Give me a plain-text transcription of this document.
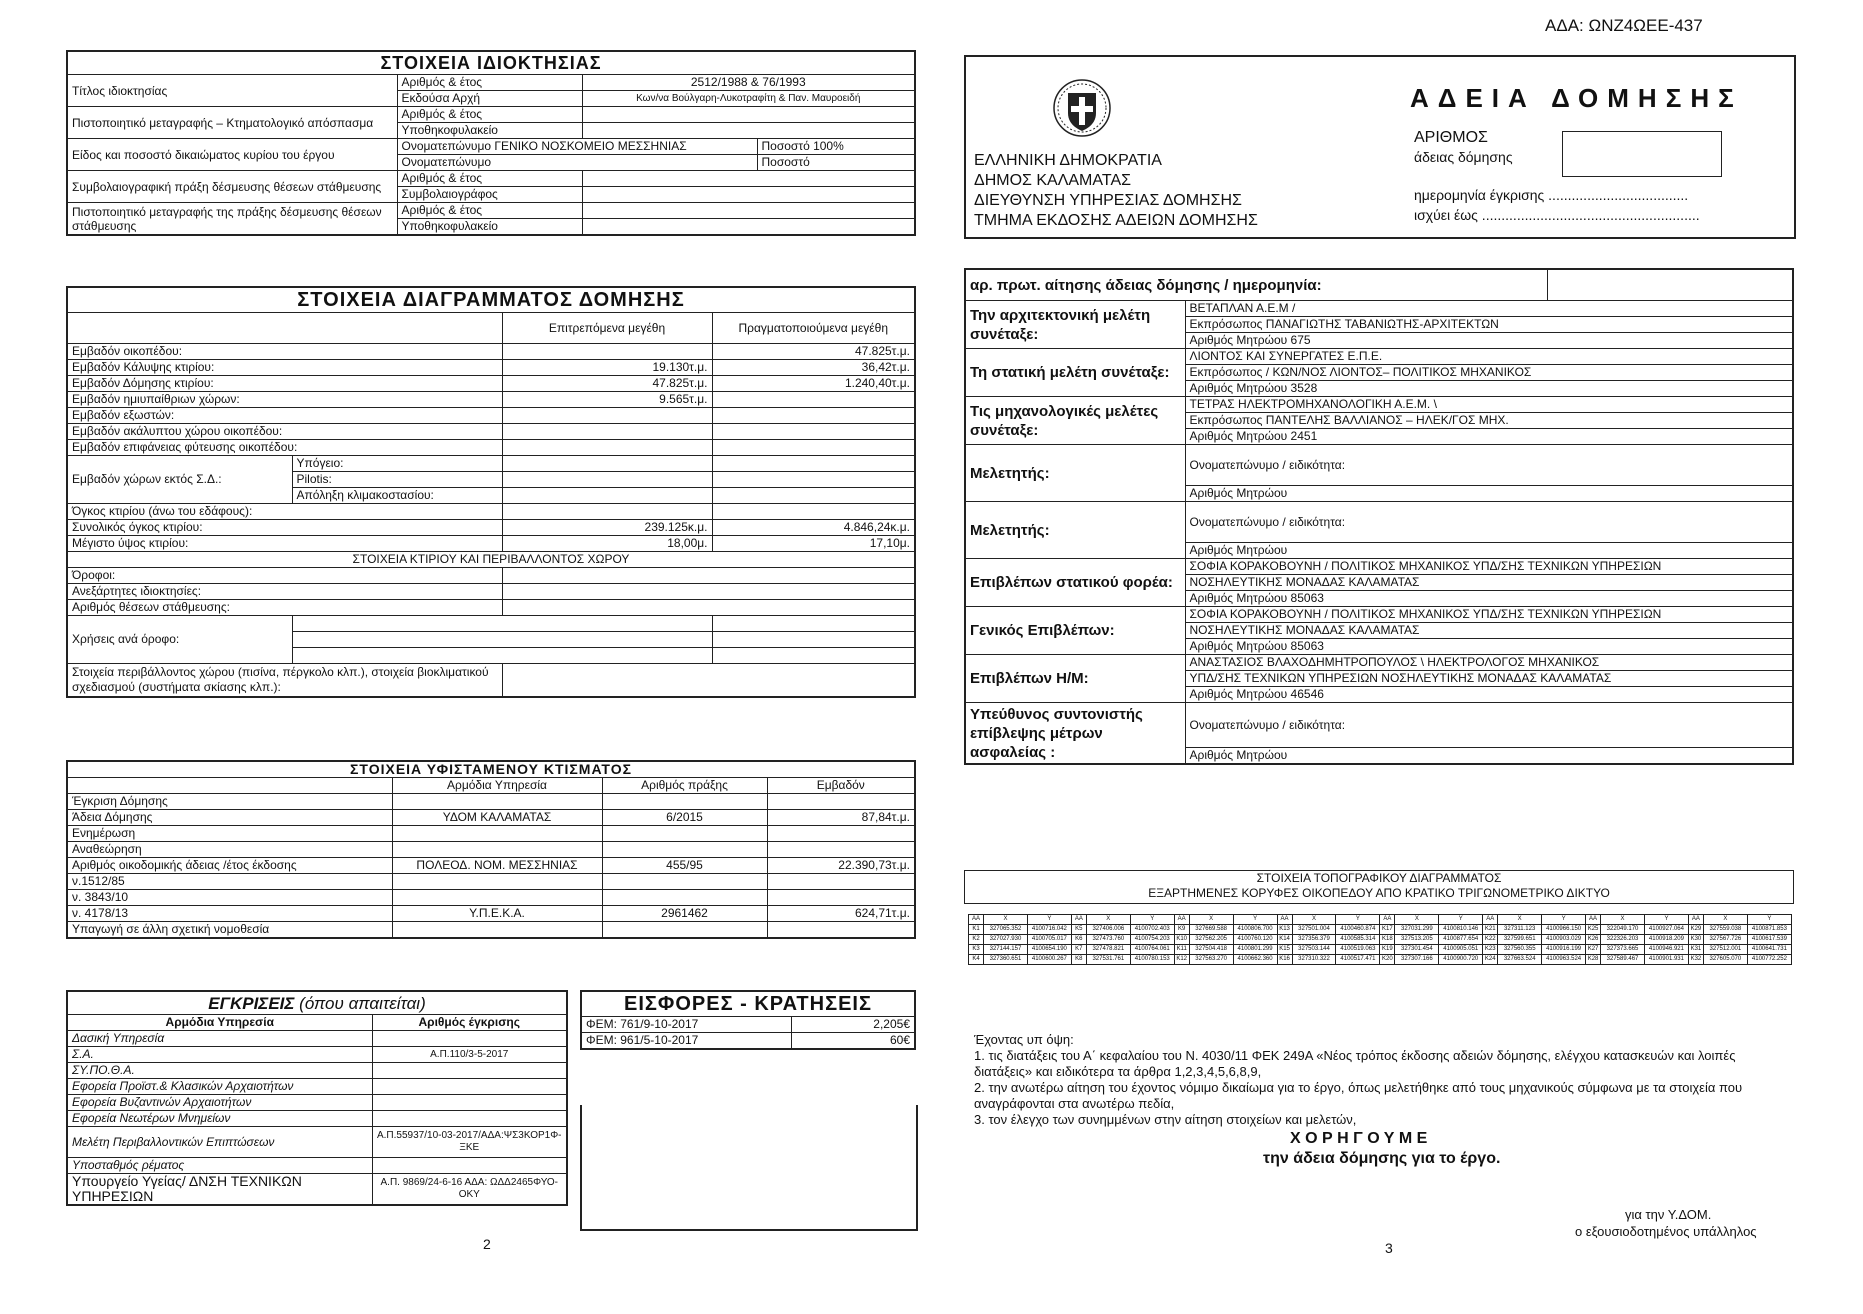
ΑΔΑ: ΩΝΖ4ΩΕΕ-437
ΣΤΟΙΧΕΙΑ ΙΔΙΟΚΤΗΣΙΑΣ			
Τίτλος ιδιοκτησίας	Αριθμός & έτος	2512/1988 & 76/1993	
	Εκδούσα Αρχή	Κων/να Βούλγαρη-Λυκοτραφίτη & Παν. Μαυροειδή	
Πιστοποιητικό μεταγραφής – Κτηματολογικό απόσπασμα	Αριθμός & έτος		
	Υποθηκοφυλακείο		
Είδος και ποσοστό δικαιώματος κυρίου του έργου	Ονοματεπώνυμο ΓΕΝΙΚΟ ΝΟΣΚΟΜΕΙΟ ΜΕΣΣΗΝΙΑΣ		Ποσοστό 100%
	Ονοματεπώνυμο		Ποσοστό
Συμβολαιογραφική πράξη δέσμευσης θέσεων στάθμευσης	Αριθμός & έτος		
	Συμβολαιογράφος		
Πιστοποιητικό μεταγραφής της πράξης δέσμευσης θέσεων στάθμευσης	Αριθμός & έτος		
	Υποθηκοφυλακείο		
ΣΤΟΙΧΕΙΑ ΔΙΑΓΡΑΜΜΑΤΟΣ ΔΟΜΗΣΗΣ			
		Επιτρεπόμενα μεγέθη	Πραγματοποιούμενα μεγέθη
Εμβαδόν οικοπέδου:			47.825τ.μ.
Εμβαδόν Κάλυψης κτιρίου:		19.130τ.μ.	36,42τ.μ.
Εμβαδόν Δόμησης κτιρίου:		47.825τ.μ.	1.240,40τ.μ.
Εμβαδόν ημιυπαίθριων χώρων:		9.565τ.μ.	
Εμβαδόν εξωστών:			
Εμβαδόν ακάλυπτου χώρου οικοπέδου:			
Εμβαδόν επιφάνειας φύτευσης οικοπέδου:			
Εμβαδόν χώρων εκτός Σ.Δ.:	Υπόγειο:		
	Pilotis:		
	Απόληξη κλιμακοστασίου:		
Όγκος κτιρίου (άνω του εδάφους):			
Συνολικός όγκος κτιρίου:		239.125κ.μ.	4.846,24κ.μ.
Μέγιστο ύψος κτιρίου:		18,00μ.	17,10μ.
ΣΤΟΙΧΕΙΑ ΚΤΙΡΙΟΥ ΚΑΙ ΠΕΡΙΒΑΛΛΟΝΤΟΣ ΧΩΡΟΥ			
Όροφοι:			
Ανεξάρτητες ιδιοκτησίες:			
Αριθμός θέσεων στάθμευσης:			
Χρήσεις ανά όροφο:			

Στοιχεία περιβάλλοντος χώρου (πισίνα, πέργκολο κλπ.), στοιχεία βιοκλιματικού σχεδιασμού (συστήματα σκίασης κλπ.):			
ΣΤΟΙΧΕΙΑ ΥΦΙΣΤΑΜΕΝΟΥ ΚΤΙΣΜΑΤΟΣ			
	Αρμόδια Υπηρεσία	Αριθμός πράξης	Εμβαδόν
Έγκριση Δόμησης			
Άδεια Δόμησης	ΥΔΟΜ ΚΑΛΑΜΑΤΑΣ	6/2015	87,84τ.μ.
Ενημέρωση			
Αναθεώρηση			
Αριθμός οικοδομικής άδειας /έτος έκδοσης	ΠΟΛΕΟΔ. ΝΟΜ. ΜΕΣΣΗΝΙΑΣ	455/95	22.390,73τ.μ.
ν.1512/85			
ν. 3843/10			
ν. 4178/13	Υ.Π.Ε.Κ.Α.	2961462	624,71τ.μ.
Υπαγωγή σε άλλη σχετική νομοθεσία			
ΕΓΚΡΙΣΕΙΣ (όπου απαιτείται)	
Αρμόδια Υπηρεσία	Αριθμός έγκρισης
Δασική Υπηρεσία	
Σ.Α.	Α.Π.110/3-5-2017
ΣΥ.ΠΟ.Θ.Α.	
Εφορεία Προϊστ.& Κλασικών Αρχαιοτήτων	
Εφορεία Βυζαντινών Αρχαιοτήτων	
Εφορεία Νεωτέρων Μνημείων	
Μελέτη Περιβαλλοντικών Επιπτώσεων	Α.Π.55937/10-03-2017/ΑΔΑ:ΨΣ3ΚΟΡ1Φ-ΞΚΕ
Υποσταθμός ρέματος	
Υπουργείο Υγείας/ ΔΝΣΗ ΤΕΧΝΙΚΩΝ ΥΠΗΡΕΣΙΩΝ	Α.Π. 9869/24-6-16 ΑΔΑ: ΩΔΔ2465ΦΥΟ-ΟΚΥ
ΕΙΣΦΟΡΕΣ - ΚΡΑΤΗΣΕΙΣ	
ΦΕΜ: 761/9-10-2017	2,205€
ΦΕΜ: 961/5-10-2017	60€
2
ΕΛΛΗΝΙΚΗ ΔΗΜΟΚΡΑΤΙΑ
ΔΗΜΟΣ ΚΑΛΑΜΑΤΑΣ
ΔΙΕΥΘΥΝΣΗ ΥΠΗΡΕΣΙΑΣ ΔΟΜΗΣΗΣ
ΤΜΗΜΑ ΕΚΔΟΣΗΣ ΑΔΕΙΩΝ ΔΟΜΗΣΗΣ
ΑΔΕΙΑ ΔΟΜΗΣΗΣ
ΑΡΙΘΜΟΣ
άδειας δόμησης
ημερομηνία έγκρισης ....................................
ισχύει έως ........................................................
αρ. πρωτ. αίτησης άδειας δόμησης / ημερομηνία:		
Την αρχιτεκτονική μελέτη συνέταξε:	ΒΕΤΑΠΛΑΝ Α.Ε.Μ /	
	Εκπρόσωπος ΠΑΝΑΓΙΩΤΗΣ ΤΑΒΑΝΙΩΤΗΣ-ΑΡΧΙΤΕΚΤΩΝ	
	Αριθμός Μητρώου 675	
Τη στατική μελέτη συνέταξε:	ΛΙΟΝΤΟΣ ΚΑΙ ΣΥΝΕΡΓΑΤΕΣ Ε.Π.Ε.	
	Εκπρόσωπος / ΚΩΝ/ΝΟΣ ΛΙΟΝΤΟΣ– ΠΟΛΙΤΙΚΟΣ ΜΗΧΑΝΙΚΟΣ	
	Αριθμός Μητρώου 3528	
Τις μηχανολογικές μελέτες συνέταξε:	ΤΕΤΡΑΣ ΗΛΕΚΤΡΟΜΗΧΑΝΟΛΟΓΙΚΗ Α.Ε.Μ. \	
	Εκπρόσωπος ΠΑΝΤΕΛΗΣ ΒΑΛΛΙΑΝΟΣ – ΗΛΕΚ/ΓΟΣ ΜΗΧ.	
	Αριθμός Μητρώου 2451	
Μελετητής:	Ονοματεπώνυμο / ειδικότητα:	
	Αριθμός Μητρώου	
Μελετητής:	Ονοματεπώνυμο / ειδικότητα:	
	Αριθμός Μητρώου	
Επιβλέπων στατικού φορέα:	ΣΟΦΙΑ ΚΟΡΑΚΟΒΟΥΝΗ / ΠΟΛΙΤΙΚΟΣ ΜΗΧΑΝΙΚΟΣ ΥΠΔ/ΣΗΣ ΤΕΧΝΙΚΩΝ ΥΠΗΡΕΣΙΩΝ	
	ΝΟΣΗΛΕΥΤΙΚΗΣ ΜΟΝΑΔΑΣ ΚΑΛΑΜΑΤΑΣ	
	Αριθμός Μητρώου 85063	
Γενικός Επιβλέπων:	ΣΟΦΙΑ ΚΟΡΑΚΟΒΟΥΝΗ / ΠΟΛΙΤΙΚΟΣ ΜΗΧΑΝΙΚΟΣ ΥΠΔ/ΣΗΣ ΤΕΧΝΙΚΩΝ ΥΠΗΡΕΣΙΩΝ	
	ΝΟΣΗΛΕΥΤΙΚΗΣ ΜΟΝΑΔΑΣ ΚΑΛΑΜΑΤΑΣ	
	Αριθμός Μητρώου 85063	
Επιβλέπων Η/Μ:	ΑΝΑΣΤΑΣΙΟΣ ΒΛΑΧΟΔΗΜΗΤΡΟΠΟΥΛΟΣ \ ΗΛΕΚΤΡΟΛΟΓΟΣ ΜΗΧΑΝΙΚΟΣ	
	ΥΠΔ/ΣΗΣ ΤΕΧΝΙΚΩΝ ΥΠΗΡΕΣΙΩΝ ΝΟΣΗΛΕΥΤΙΚΗΣ ΜΟΝΑΔΑΣ ΚΑΛΑΜΑΤΑΣ	
	Αριθμός Μητρώου 46546	
Υπεύθυνος συντονιστής επίβλεψης μέτρων ασφαλείας :	Ονοματεπώνυμο / ειδικότητα:	
	Αριθμός Μητρώου	
ΣΤΟΙΧΕΙΑ ΤΟΠΟΓΡΑΦΙΚΟΥ ΔΙΑΓΡΑΜΜΑΤΟΣ
ΕΞΑΡΤΗΜΕΝΕΣ ΚΟΡΥΦΕΣ ΟΙΚΟΠΕΔΟΥ ΑΠΟ ΚΡΑΤΙΚΟ ΤΡΙΓΩΝΟΜΕΤΡΙΚΟ ΔΙΚΤΥΟ
ΑΑ	X	Y	ΑΑ	X	Y	ΑΑ	X	Y	ΑΑ	X	Y	ΑΑ	X	Y	ΑΑ	X	Y	ΑΑ	X	Y	ΑΑ	X	Y
Κ1	327065.352	4100716.042	Κ5	327406.006	4100702.403	Κ9	327669.588	4100806.700	Κ13	327501.004	4100460.874	Κ17	327031.299	4100810.146	Κ21	327311.123	4100966.150	Κ25	322049.170	4100927.064	Κ29	327559.038	4100871.853
Κ2	327027.930	4100705.017	Κ6	327473.760	4100754.203	Κ10	327562.205	4100760.120	Κ14	327356.379	4100585.314	Κ18	327513.205	4100877.654	Κ22	327599.651	4100903.029	Κ26	322326.203	4100918.209	Κ30	327567.726	4100617.539
Κ3	327144.157	4100654.190	Κ7	327478.821	4100764.061	Κ11	327504.418	4100801.299	Κ15	327503.144	4100519.063	Κ19	327301.454	4100905.051	Κ23	327560.355	4100916.199	Κ27	327373.665	4100946.921	Κ31	327512.001	4100641.731
Κ4	327360.651	4100600.267	Κ8	327531.761	4100780.153	Κ12	327563.270	4100662.360	Κ16	327310.322	4100517.471	Κ20	327307.166	4100900.720	Κ24	327663.524	4100963.524	Κ28	327589.467	4100901.931	Κ32	327605.070	4100772.252
Έχοντας υπ όψη:
1. τις διατάξεις του Α΄ κεφαλαίου του Ν. 4030/11 ΦΕΚ 249Α «Νέος τρόπος έκδοσης αδειών δόμησης, ελέγχου κατασκευών και λοιπές διατάξεις» και ειδικότερα τα άρθρα 1,2,3,4,5,6,8,9,
2. την ανωτέρω αίτηση του έχοντος νόμιμο δικαίωμα για το έργο, όπως μελετήθηκε από τους μηχανικούς σύμφωνα με τα στοιχεία που αναγράφονται στα ανωτέρω πεδία,
3. τον έλεγχο των συνημμένων στην αίτηση στοιχείων και μελετών,
Χ Ο Ρ Η Γ Ο Υ Μ Ε
την άδεια δόμησης για το έργο.
για την Υ.ΔΟΜ.
ο εξουσιοδοτημένος υπάλληλος
3
